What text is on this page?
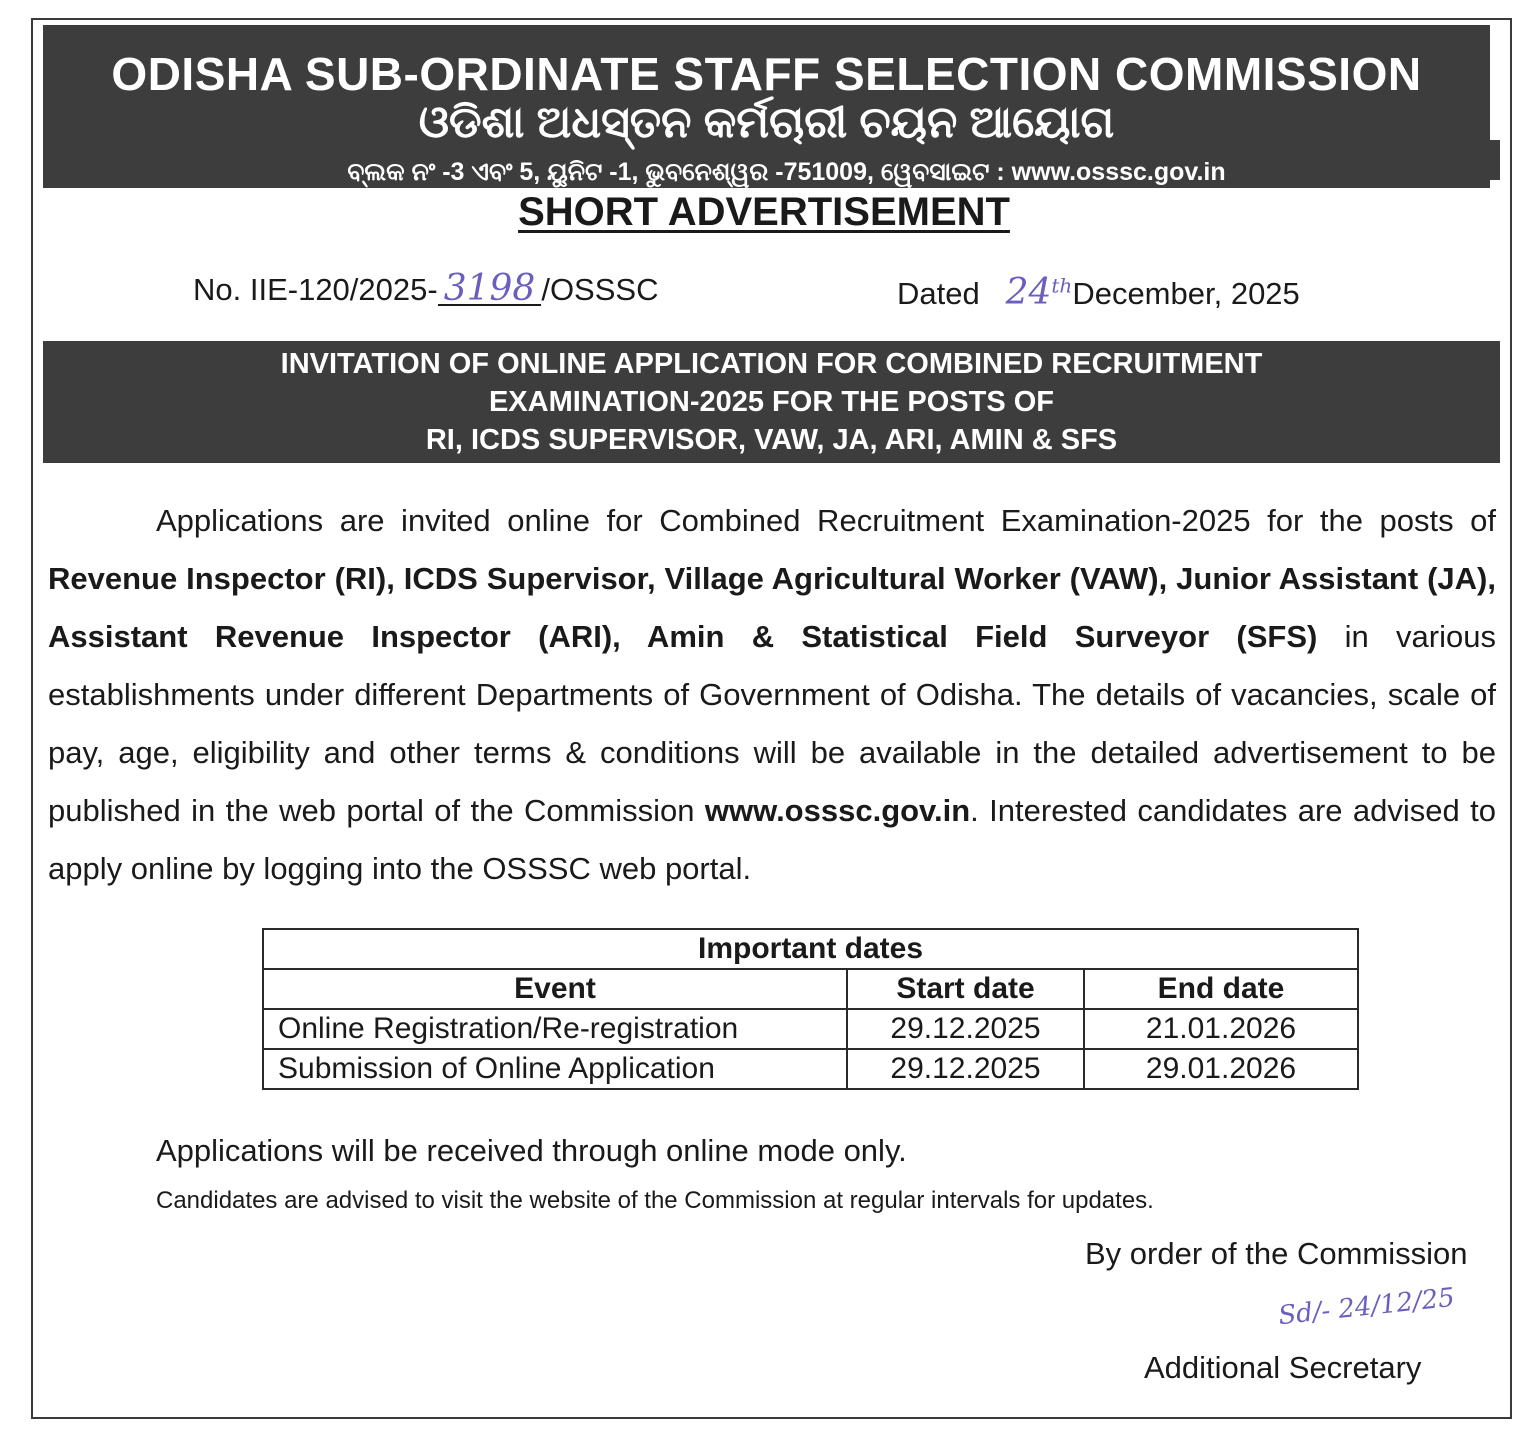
ODISHA SUB-ORDINATE STAFF SELECTION COMMISSION
ଓଡିଶା ଅଧସ୍ତନ କର୍ମଚାରୀ ଚୟନ ଆୟୋଗ
ବ୍ଲକ ନଂ -3 ଏବଂ 5, ୟୁନିଟ -1, ଭୁବନେଶ୍ୱର -751009, ୱେବସାଇଟ : www.osssc.gov.in
SHORT ADVERTISEMENT
No. IIE-120/2025- 3198 /OSSSC	Dated 24thDecember, 2025
INVITATION OF ONLINE APPLICATION FOR COMBINED RECRUITMENT
EXAMINATION-2025 FOR THE POSTS OF
RI, ICDS SUPERVISOR, VAW, JA, ARI, AMIN & SFS
Applications are invited online for Combined Recruitment Examination-2025 for the posts of Revenue Inspector (RI), ICDS Supervisor, Village Agricultural Worker (VAW), Junior Assistant (JA), Assistant Revenue Inspector (ARI), Amin & Statistical Field Surveyor (SFS) in various establishments under different Departments of Government of Odisha. The details of vacancies, scale of pay, age, eligibility and other terms & conditions will be available in the detailed advertisement to be published in the web portal of the Commission www.osssc.gov.in. Interested candidates are advised to apply online by logging into the OSSSC web portal.
Important dates		
Event	Start date	End date
Online Registration/Re-registration	29.12.2025	21.01.2026
Submission of Online Application	29.12.2025	29.01.2026
Applications will be received through online mode only.
Candidates are advised to visit the website of the Commission at regular intervals for updates.
By order of the Commission
Sd/- 24/12/25
Additional Secretary
